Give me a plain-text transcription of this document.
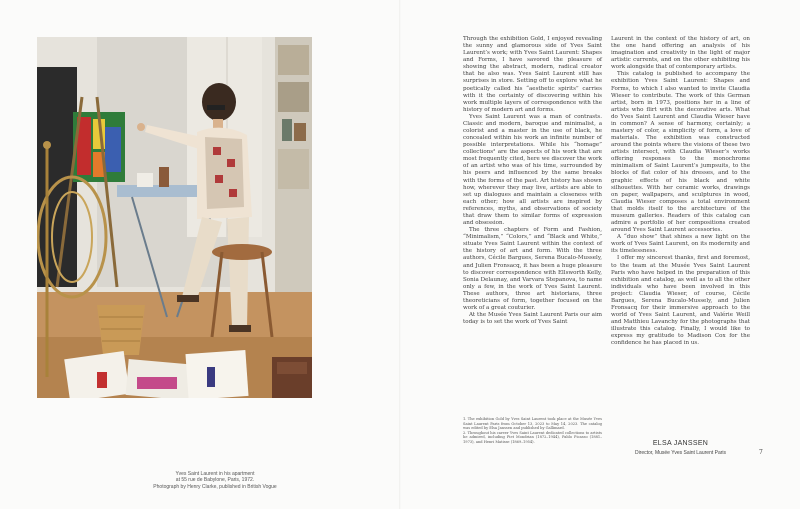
Yves Saint Laurent in his apartment
at 55 rue de Babylone, Paris, 1972.
Photograph by Henry Clarke, published in British Vogue

Through the exhibition Gold, I enjoyed revealing the sunny and glamorous side of Yves Saint Laurent’s work; with Yves Saint Laurent: Shapes and Forms, I have savored the pleasure of showing the abstract, modern, radical creator that he also was. Yves Saint Laurent still has surprises in store. Setting off to explore what he poetically called his “aesthetic spirits” carries with it the certainty of discovering within his work multiple layers of correspondence with the history of modern art and forms.

Yves Saint Laurent was a man of contrasts. Classic and modern, baroque and minimalist, a colorist and a master in the use of black, he concealed within his work an infinite number of possible interpretations. While his “homage” collections² are the aspects of his work that are most frequently cited, here we discover the work of an artist who was of his time, surrounded by his peers and influenced by the same breaks with the forms of the past. Art history has shown how, wherever they may live, artists are able to set up dialogues and maintain a closeness with each other; how all artists are inspired by references, myths, and observations of society that draw them to similar forms of expression and obsession.

The three chapters of Form and Fashion, “Minimalism,” “Colors,” and “Black and White,” situate Yves Saint Laurent within the context of the history of art and form. With the three authors, Cécile Bargues, Serena Bucalo-Mussely, and Julien Fronsacq, it has been a huge pleasure to discover correspondence with Ellsworth Kelly, Sonia Delaunay, and Varvara Stepanova, to name only a few, in the work of Yves Saint Laurent. These authors, three art historians, three theoreticians of form, together focused on the work of a great couturier.

At the Musée Yves Saint Laurent Paris our aim today is to set the work of Yves Saint

1. The exhibition Gold by Yves Saint Laurent took place at the Musée Yves Saint Laurent Paris from October 13, 2023 to May 14, 2023. The catalog was edited by Elsa Janssen and published by Gallimard.

2. Throughout his career Yves Saint Laurent dedicated collections to artists he admired, including Piet Mondrian (1872–1944), Pablo Picasso (1881–1973), and Henri Matisse (1869–1954).

Laurent in the context of the history of art, on the one hand offering an analysis of his imagination and creativity in the light of major artistic currents, and on the other exhibiting his work alongside that of contemporary artists.

This catalog is published to accompany the exhibition Yves Saint Laurent: Shapes and Forms, to which I also wanted to invite Claudia Wieser to contribute. The work of this German artist, born in 1973, positions her in a line of artists who flirt with the decorative arts. What do Yves Saint Laurent and Claudia Wieser have in common? A sense of harmony, certainly; a mastery of color, a simplicity of form, a love of materials. The exhibition was constructed around the points where the visions of these two artists intersect, with Claudia Wieser’s works offering responses to the monochrome minimalism of Saint Laurent’s jumpsuits, to the blocks of flat color of his dresses, and to the graphic effects of his black and white silhouettes. With her ceramic works, drawings on paper, wallpapers, and sculptures in wood, Claudia Wieser composes a total environment that molds itself to the architecture of the museum galleries. Readers of this catalog can admire a portfolio of her compositions created around Yves Saint Laurent accessories.

A “duo show” that shines a new light on the work of Yves Saint Laurent, on its modernity and its timelessness.

I offer my sincerest thanks, first and foremost, to the team at the Musée Yves Saint Laurent Paris who have helped in the preparation of this exhibition and catalog, as well as to all the other individuals who have been involved in this project: Claudia Wieser, of course, Cécile Bargues, Serena Bucalo-Mussely, and Julien Fronsacq for their immersive approach to the world of Yves Saint Laurent, and Valérie Weill and Matthieu Lavanchy for the photographs that illustrate this catalog. Finally, I would like to express my gratitude to Madison Cox for the confidence he has placed in us.

ELSA JANSSEN
Director, Musée Yves Saint Laurent Paris	7
